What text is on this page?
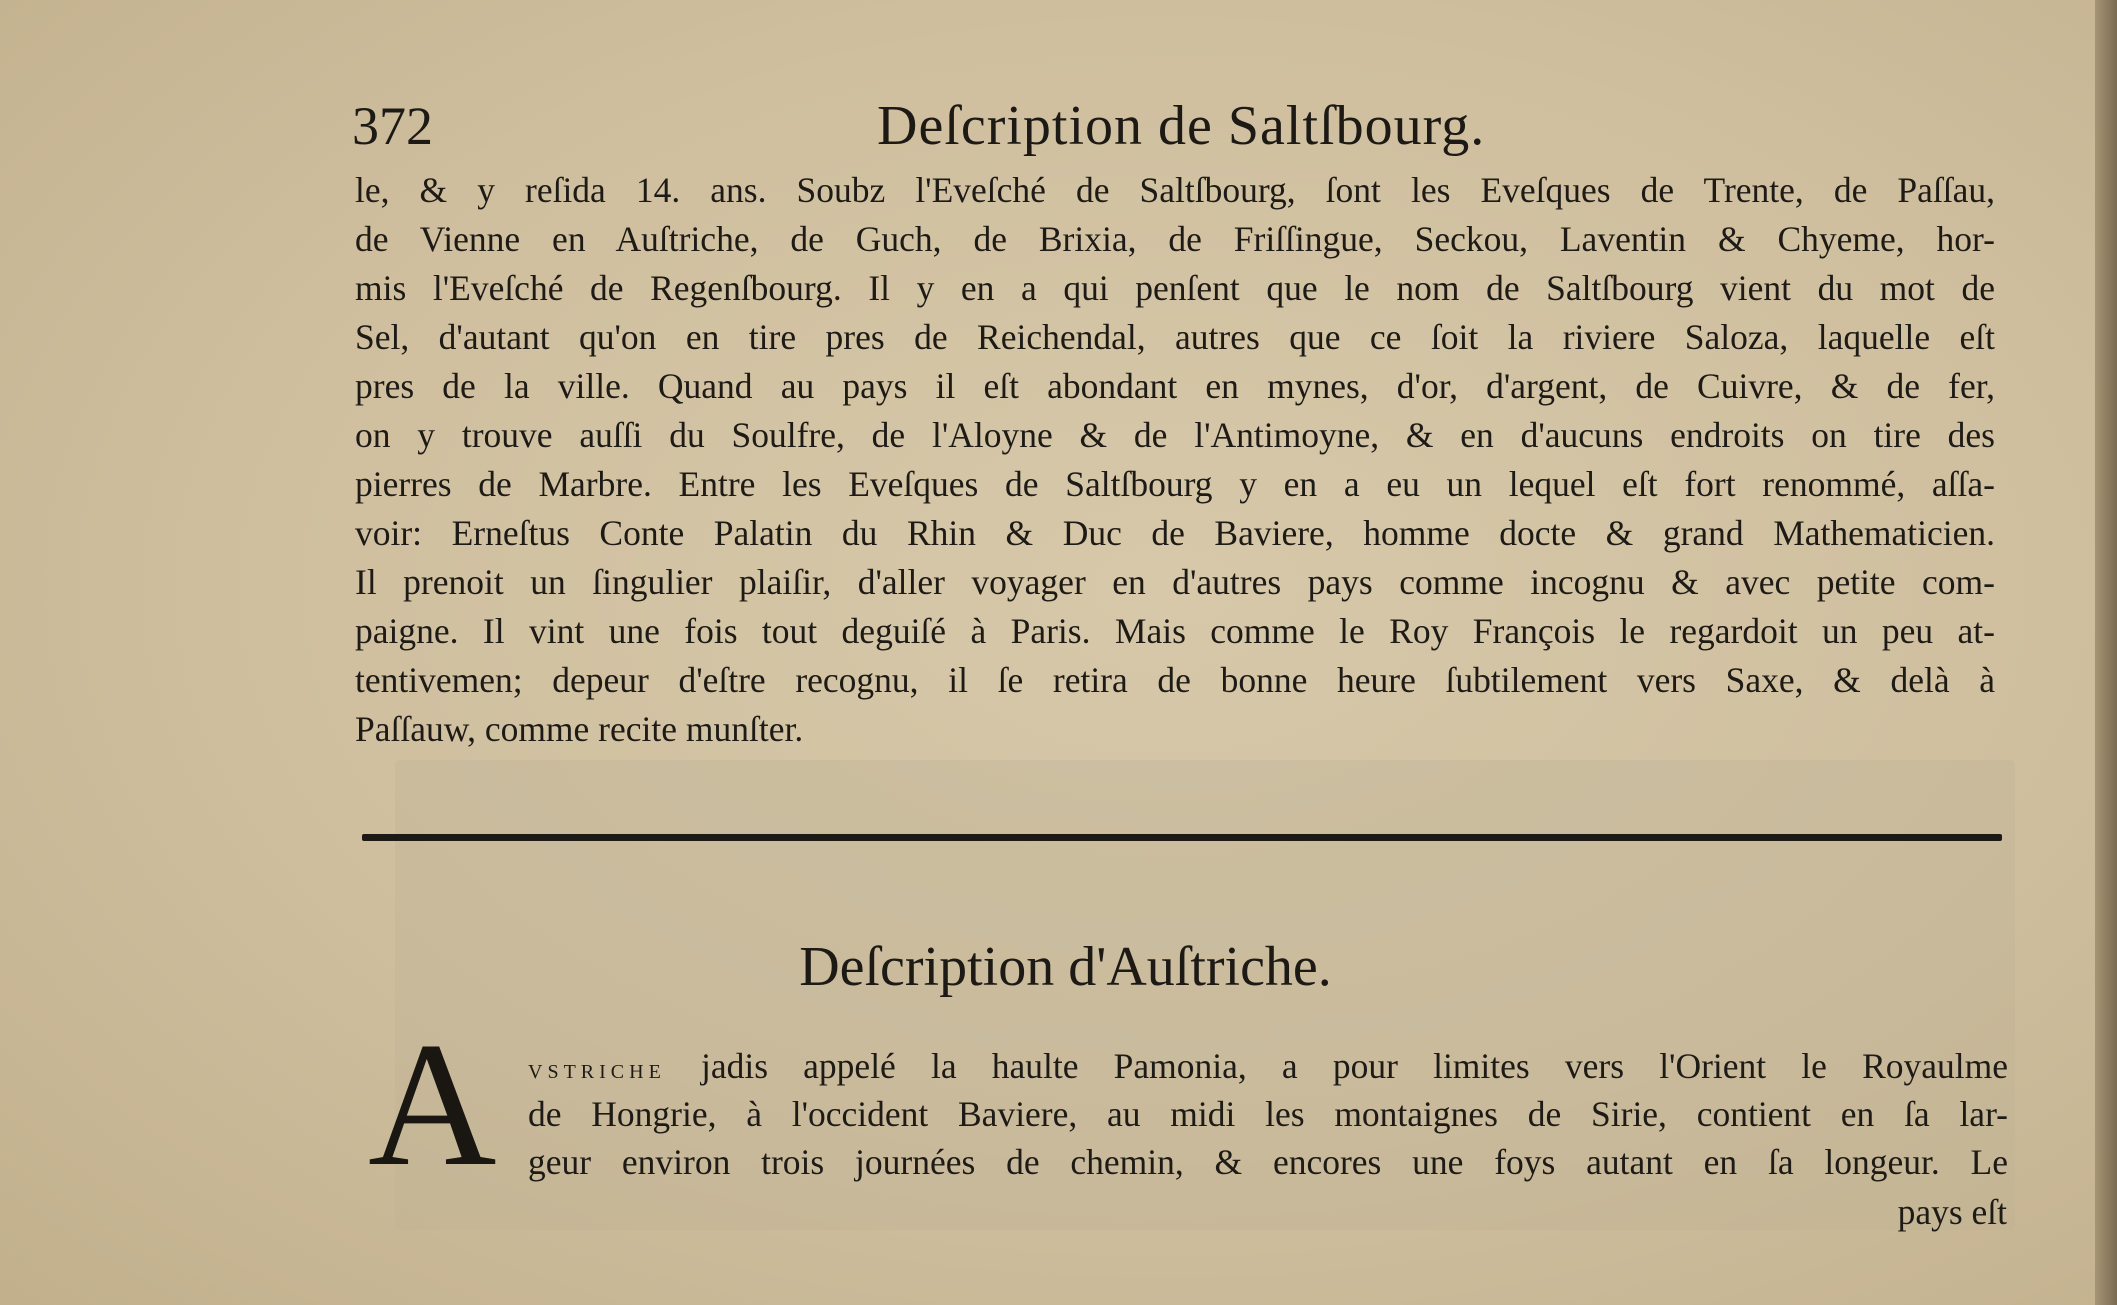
372	Deſcription de Saltſbourg.
le, & y reſida 14. ans. Soubz l'Eveſché de Saltſbourg, ſont les Eveſques de Trente, de Paſſau,
de Vienne en Auſtriche, de Guch, de Brixia, de Friſſingue, Seckou, Laventin & Chyeme, hor-
mis l'Eveſché de Regenſbourg. Il y en a qui penſent que le nom de Saltſbourg vient du mot de
Sel, d'autant qu'on en tire pres de Reichendal, autres que ce ſoit la riviere Saloza, laquelle eſt
pres de la ville. Quand au pays il eſt abondant en mynes, d'or, d'argent, de Cuivre, & de fer,
on y trouve auſſi du Soulfre, de l'Aloyne & de l'Antimoyne, & en d'aucuns endroits on tire des
pierres de Marbre. Entre les Eveſques de Saltſbourg y en a eu un lequel eſt fort renommé, aſſa-
voir: Erneſtus Conte Palatin du Rhin & Duc de Baviere, homme docte & grand Mathematicien.
Il prenoit un ſingulier plaiſir, d'aller voyager en d'autres pays comme incognu & avec petite com-
paigne. Il vint une fois tout deguiſé à Paris. Mais comme le Roy François le regardoit un peu at-
tentivemen; depeur d'eſtre recognu, il ſe retira de bonne heure ſubtilement vers Saxe, & delà à
Paſſauw, comme recite munſter.
Deſcription d'Auſtriche.
A vstriche jadis appelé la haulte Pamonia, a pour limites vers l'Orient le Royaulme
de Hongrie, à l'occident Baviere, au midi les montaignes de Sirie, contient en ſa lar-
geur environ trois journées de chemin, & encores une foys autant en ſa longeur. Le
pays eſt
